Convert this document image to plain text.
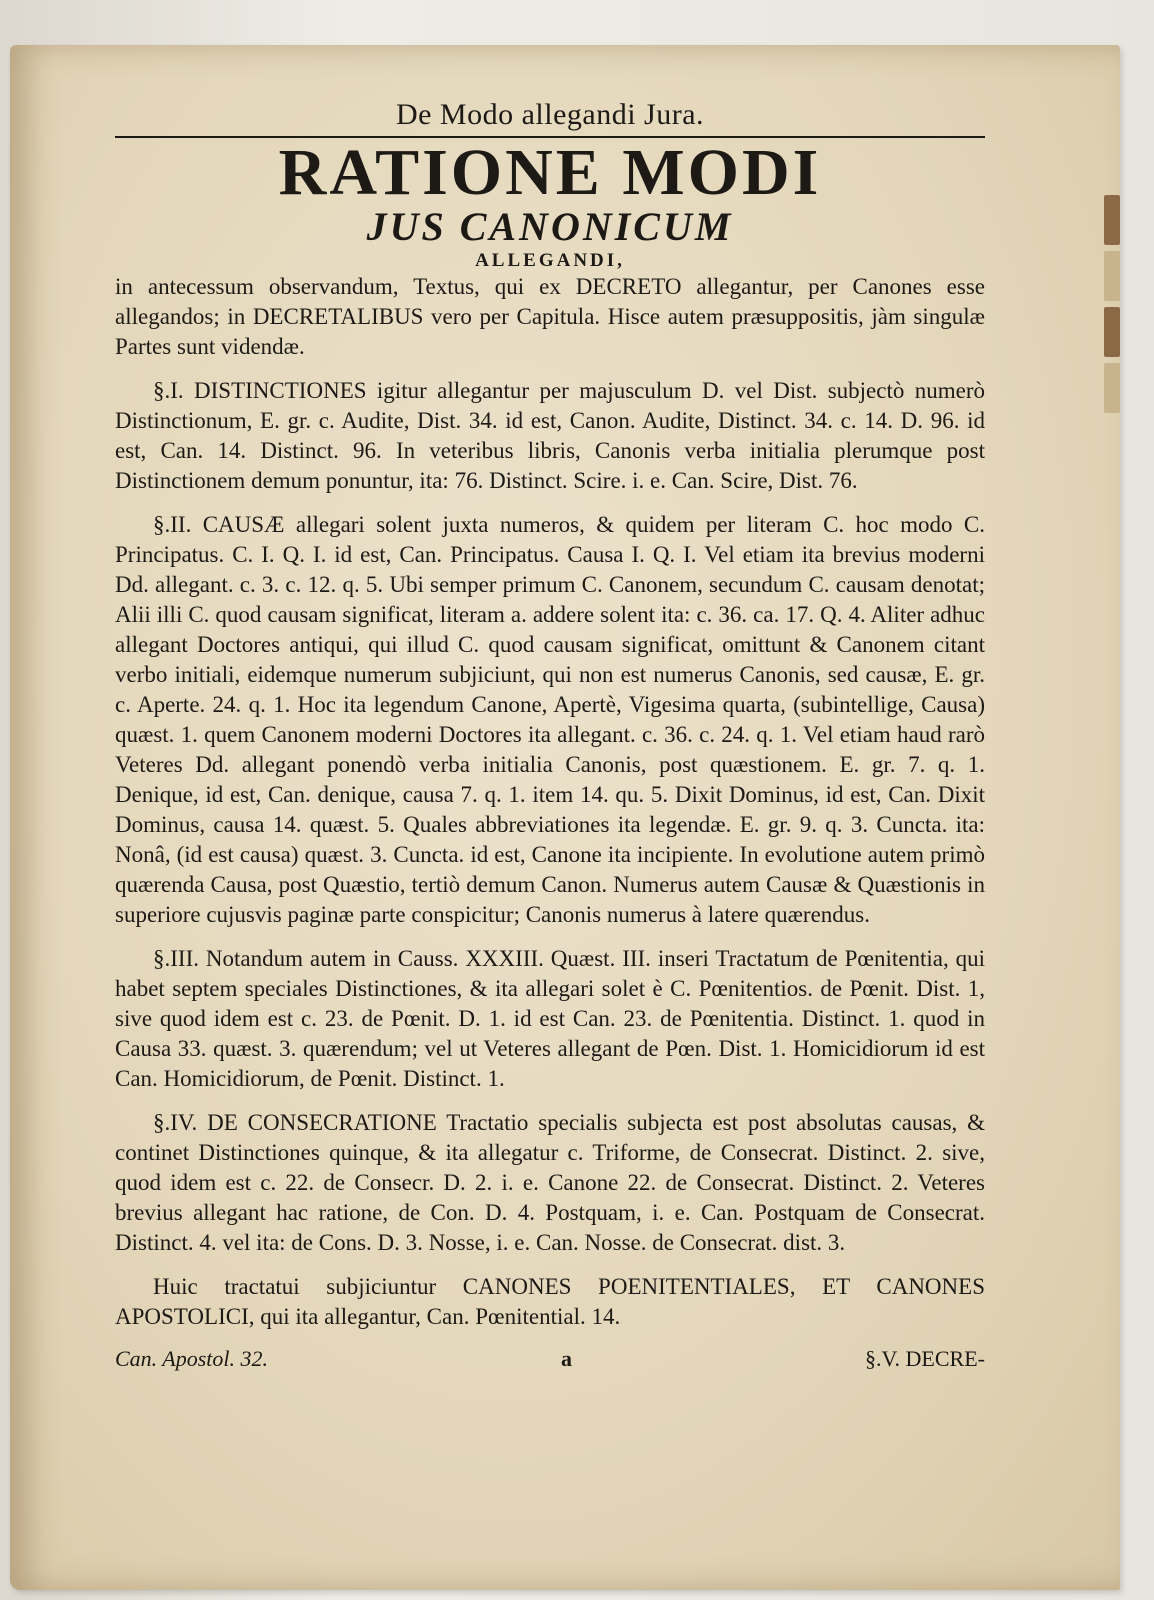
De Modo allegandi Jura.
RATIONE MODI
JUS CANONICUM
ALLEGANDI,

in antecessum observandum, Textus, qui ex DECRETO allegantur, per Canones esse allegandos; in DECRETALIBUS vero per Capitula. Hisce autem præsuppositis, jàm singulæ Partes sunt videndæ.

§.I. DISTINCTIONES igitur allegantur per majusculum D. vel Dist. subjectò numerò Distinctionum, E. gr. c. Audite, Dist. 34. id est, Canon. Audite, Distinct. 34. c. 14. D. 96. id est, Can. 14. Distinct. 96. In veteribus libris, Canonis verba initialia plerumque post Distinctionem demum ponuntur, ita: 76. Distinct. Scire. i. e. Can. Scire, Dist. 76.

§.II. CAUSÆ allegari solent juxta numeros, & quidem per literam C. hoc modo C. Principatus. C. I. Q. I. id est, Can. Principatus. Causa I. Q. I. Vel etiam ita brevius moderni Dd. allegant. c. 3. c. 12. q. 5. Ubi semper primum C. Canonem, secundum C. causam denotat; Alii illi C. quod causam significat, literam a. addere solent ita: c. 36. ca. 17. Q. 4. Aliter adhuc allegant Doctores antiqui, qui illud C. quod causam significat, omittunt & Canonem citant verbo initiali, eidemque numerum subjiciunt, qui non est numerus Canonis, sed causæ, E. gr. c. Aperte. 24. q. 1. Hoc ita legendum Canone, Apertè, Vigesima quarta, (subintellige, Causa) quæst. 1. quem Canonem moderni Doctores ita allegant. c. 36. c. 24. q. 1. Vel etiam haud rarò Veteres Dd. allegant ponendò verba initialia Canonis, post quæstionem. E. gr. 7. q. 1. Denique, id est, Can. denique, causa 7. q. 1. item 14. qu. 5. Dixit Dominus, id est, Can. Dixit Dominus, causa 14. quæst. 5. Quales abbreviationes ita legendæ. E. gr. 9. q. 3. Cuncta. ita: Nonâ, (id est causa) quæst. 3. Cuncta. id est, Canone ita incipiente. In evolutione autem primò quærenda Causa, post Quæstio, tertiò demum Canon. Numerus autem Causæ & Quæstionis in superiore cujusvis paginæ parte conspicitur; Canonis numerus à latere quærendus.

§.III. Notandum autem in Causs. XXXIII. Quæst. III. inseri Tractatum de Pœnitentia, qui habet septem speciales Distinctiones, & ita allegari solet è C. Pœnitentios. de Pœnit. Dist. 1, sive quod idem est c. 23. de Pœnit. D. 1. id est Can. 23. de Pœnitentia. Distinct. 1. quod in Causa 33. quæst. 3. quærendum; vel ut Veteres allegant de Pœn. Dist. 1. Homicidiorum id est Can. Homicidiorum, de Pœnit. Distinct. 1.

§.IV. DE CONSECRATIONE Tractatio specialis subjecta est post absolutas causas, & continet Distinctiones quinque, & ita allegatur c. Triforme, de Consecrat. Distinct. 2. sive, quod idem est c. 22. de Consecr. D. 2. i. e. Canone 22. de Consecrat. Distinct. 2. Veteres brevius allegant hac ratione, de Con. D. 4. Postquam, i. e. Can. Postquam de Consecrat. Distinct. 4. vel ita: de Cons. D. 3. Nosse, i. e. Can. Nosse. de Consecrat. dist. 3.

Huic tractatui subjiciuntur CANONES POENITENTIALES, ET CANONES APOSTOLICI, qui ita allegantur, Can. Pœnitential. 14.

Can. Apostol. 32.	a	§.V. DECRE-
